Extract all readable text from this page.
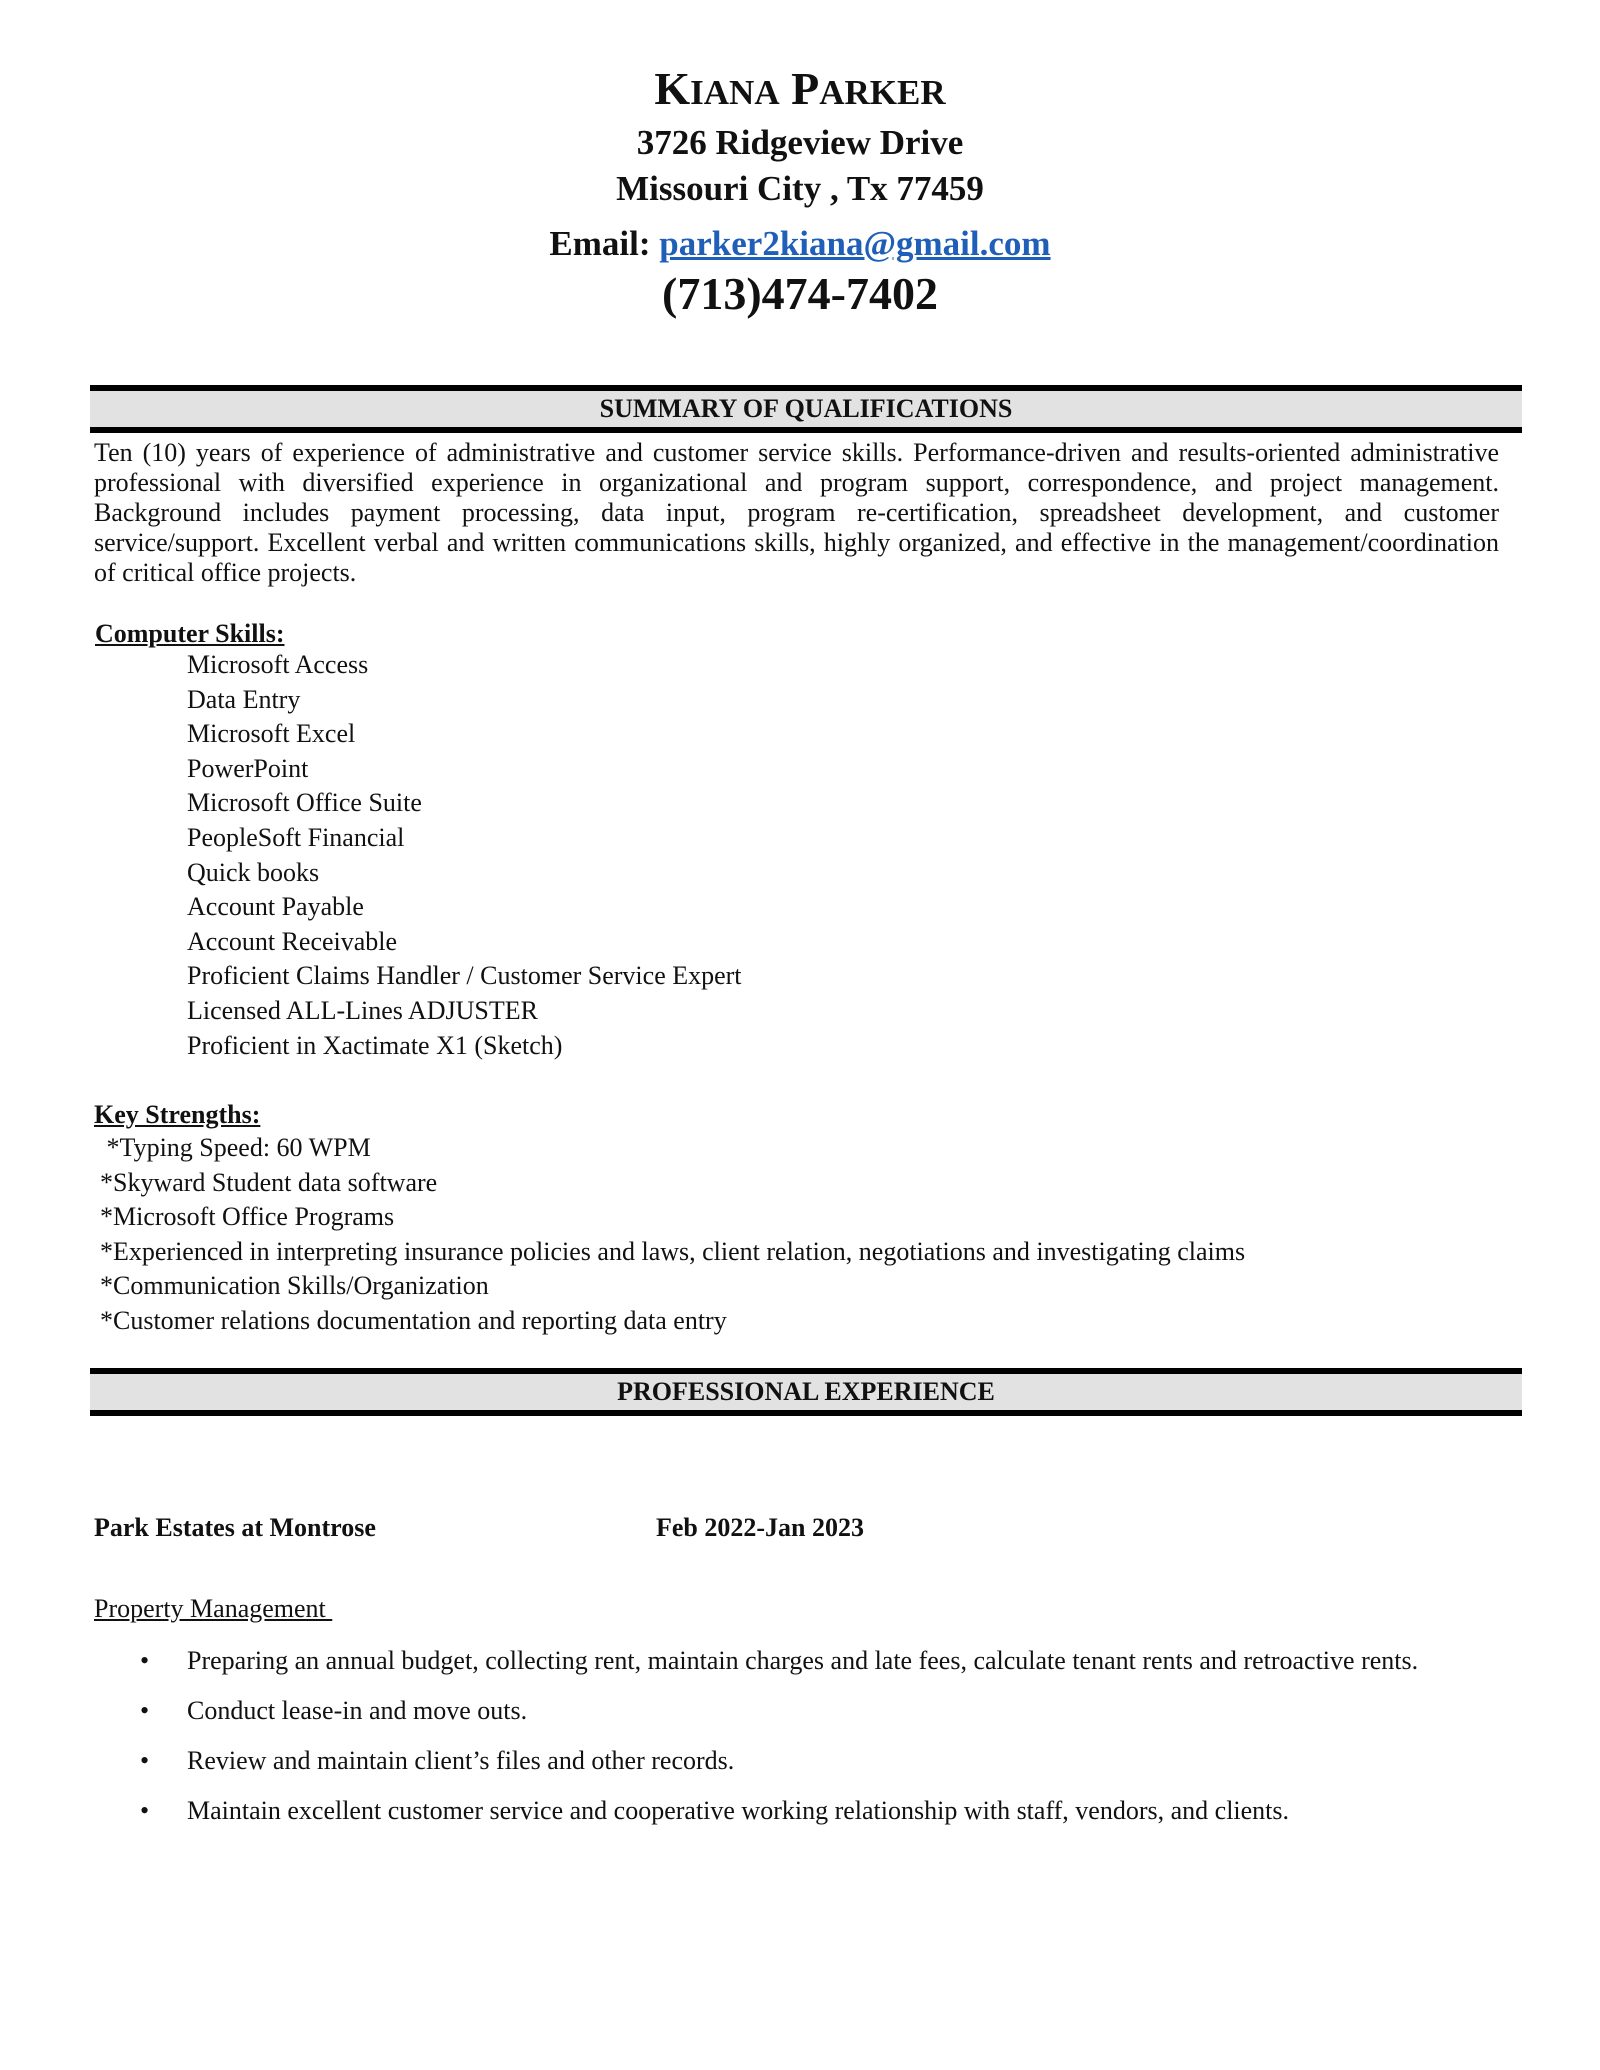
KIANA PARKER
3726 Ridgeview Drive
Missouri City , Tx 77459
Email: parker2kiana@gmail.com
(713)474-7402
SUMMARY OF QUALIFICATIONS
Ten (10) years of experience of administrative and customer service skills. Performance-driven and results-oriented administrative professional with diversified experience in organizational and program support, correspondence, and project management. Background includes payment processing, data input, program re-certification, spreadsheet development, and customer service/support. Excellent verbal and written communications skills, highly organized, and effective in the management/coordination of critical office projects.
Computer Skills:
Microsoft Access
Data Entry
Microsoft Excel
PowerPoint
Microsoft Office Suite
PeopleSoft Financial
Quick books
Account Payable
Account Receivable
Proficient Claims Handler / Customer Service Expert
Licensed ALL-Lines ADJUSTER
Proficient in Xactimate X1 (Sketch)
Key Strengths:
*Typing Speed: 60 WPM
*Skyward Student data software
*Microsoft Office Programs
*Experienced in interpreting insurance policies and laws, client relation, negotiations and investigating claims
*Communication Skills/Organization
*Customer relations documentation and reporting data entry
PROFESSIONAL EXPERIENCE
Park Estates at Montrose	Feb 2022-Jan 2023
Property Management
• Preparing an annual budget, collecting rent, maintain charges and late fees, calculate tenant rents and retroactive rents.
• Conduct lease-in and move outs.
• Review and maintain client’s files and other records.
• Maintain excellent customer service and cooperative working relationship with staff, vendors, and clients.
